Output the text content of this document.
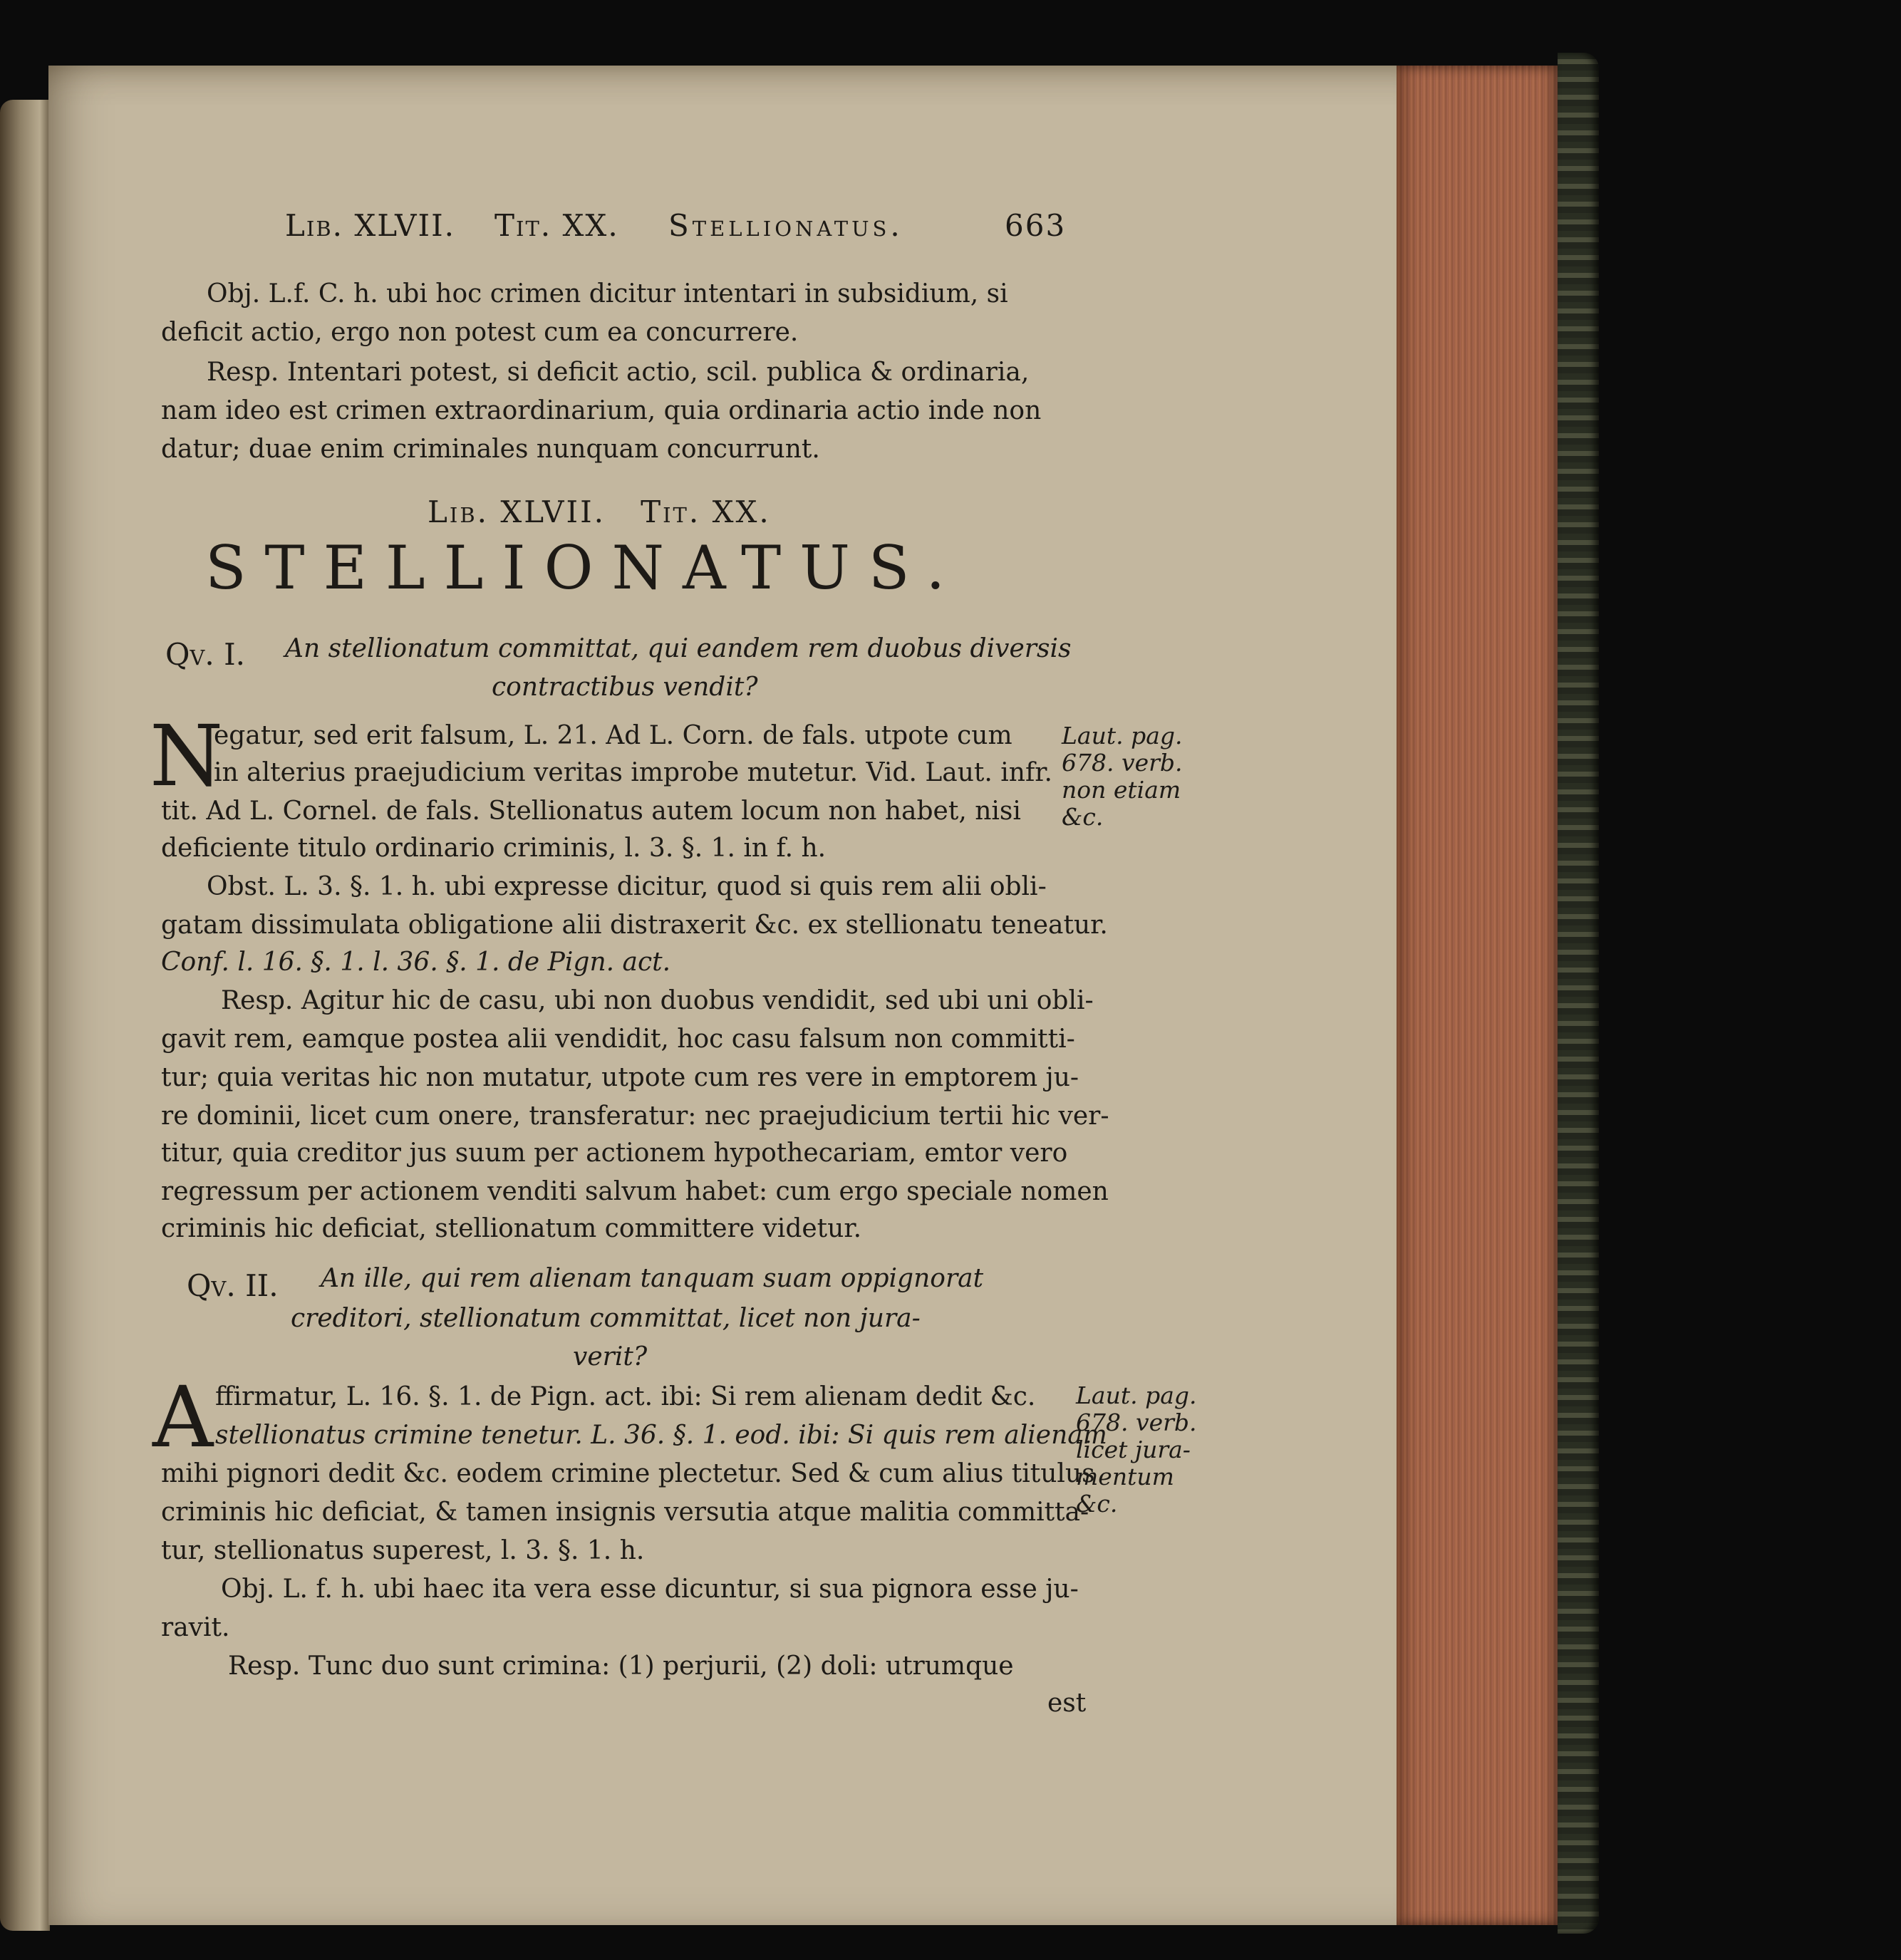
Lib. XLVII. Tit. XX. Stellionatus.	663
Obj. L.f. C. h. ubi hoc crimen dicitur intentari in subsidium, si
deficit actio, ergo non potest cum ea concurrere.
Resp. Intentari potest, si deficit actio, scil. publica & ordinaria,
nam ideo est crimen extraordinarium, quia ordinaria actio inde non
datur; duae enim criminales nunquam concurrunt.
Lib. XLVII.   Tit. XX.
STELLIONATUS.
Qv. I. An stellionatum committat, qui eandem rem duobus diversis
contractibus vendit?
N
egatur, sed erit falsum, L. 21. Ad L. Corn. de fals. utpote cum
in alterius praejudicium veritas improbe mutetur. Vid. Laut. infr.
tit. Ad L. Cornel. de fals. Stellionatus autem locum non habet, nisi
deficiente titulo ordinario criminis, l. 3. §. 1. in f. h.
Obst. L. 3. §. 1. h. ubi expresse dicitur, quod si quis rem alii obli-
gatam dissimulata obligatione alii distraxerit &c. ex stellionatu teneatur.
Conf. l. 16. §. 1. l. 36. §. 1. de Pign. act.
Resp. Agitur hic de casu, ubi non duobus vendidit, sed ubi uni obli-
gavit rem, eamque postea alii vendidit, hoc casu falsum non committi-
tur; quia veritas hic non mutatur, utpote cum res vere in emptorem ju-
re dominii, licet cum onere, transferatur: nec praejudicium tertii hic ver-
titur, quia creditor jus suum per actionem hypothecariam, emtor vero
regressum per actionem venditi salvum habet: cum ergo speciale nomen
criminis hic deficiat, stellionatum committere videtur.
Laut. pag.
678. verb.
non etiam
&c.
Qv. II. An ille, qui rem alienam tanquam suam oppignorat
creditori, stellionatum committat, licet non jura-
verit?
A ffirmatur, L. 16. §. 1. de Pign. act. ibi: Si rem alienam dedit &c.
stellionatus crimine tenetur. L. 36. §. 1. eod. ibi: Si quis rem alienam
mihi pignori dedit &c. eodem crimine plectetur. Sed & cum alius titulus
criminis hic deficiat, & tamen insignis versutia atque malitia committa-
tur, stellionatus superest, l. 3. §. 1. h.
Obj. L. f. h. ubi haec ita vera esse dicuntur, si sua pignora esse ju-
ravit.
Resp. Tunc duo sunt crimina: (1) perjurii, (2) doli: utrumque
est
Laut. pag.
678. verb.
licet jura-
mentum
&c.
